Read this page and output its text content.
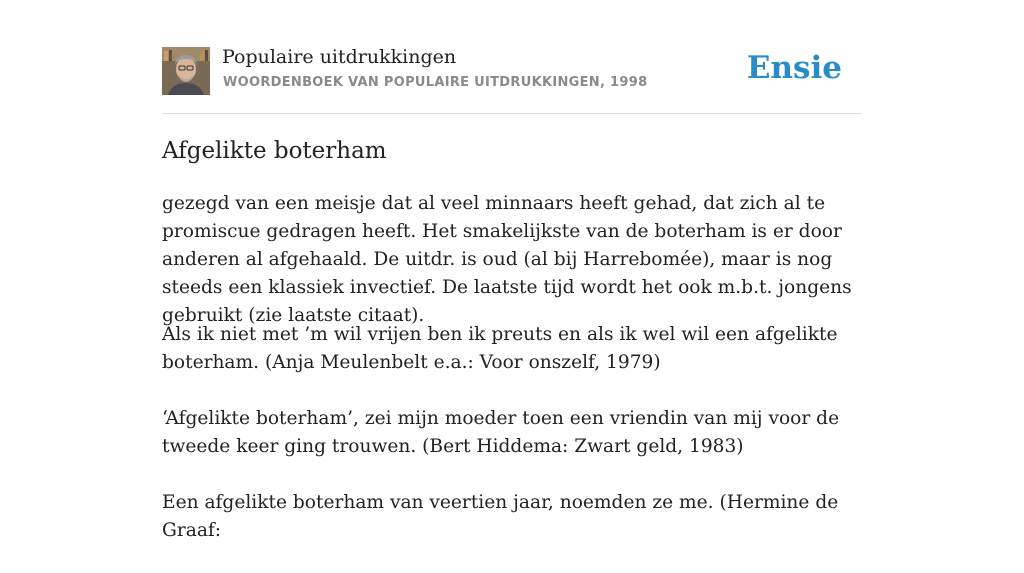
Populaire uitdrukkingen
WOORDENBOEK VAN POPULAIRE UITDRUKKINGEN, 1998	Ensie
Afgelikte boterham

gezegd van een meisje dat al veel minnaars heeft gehad, dat zich al te promiscue gedragen heeft. Het smakelijkste van de boterham is er door anderen al afgehaald. De uitdr. is oud (al bij Harrebomée), maar is nog steeds een klassiek invectief. De laatste tijd wordt het ook m.b.t. jongens gebruikt (zie laatste citaat).

Als ik niet met ’m wil vrijen ben ik preuts en als ik wel wil een afgelikte boterham. (Anja Meulenbelt e.a.: Voor onszelf, 1979)

‘Afgelikte boterham’, zei mijn moeder toen een vriendin van mij voor de tweede keer ging trouwen. (Bert Hiddema: Zwart geld, 1983)

Een afgelikte boterham van veertien jaar, noemden ze me. (Hermine de Graaf:
